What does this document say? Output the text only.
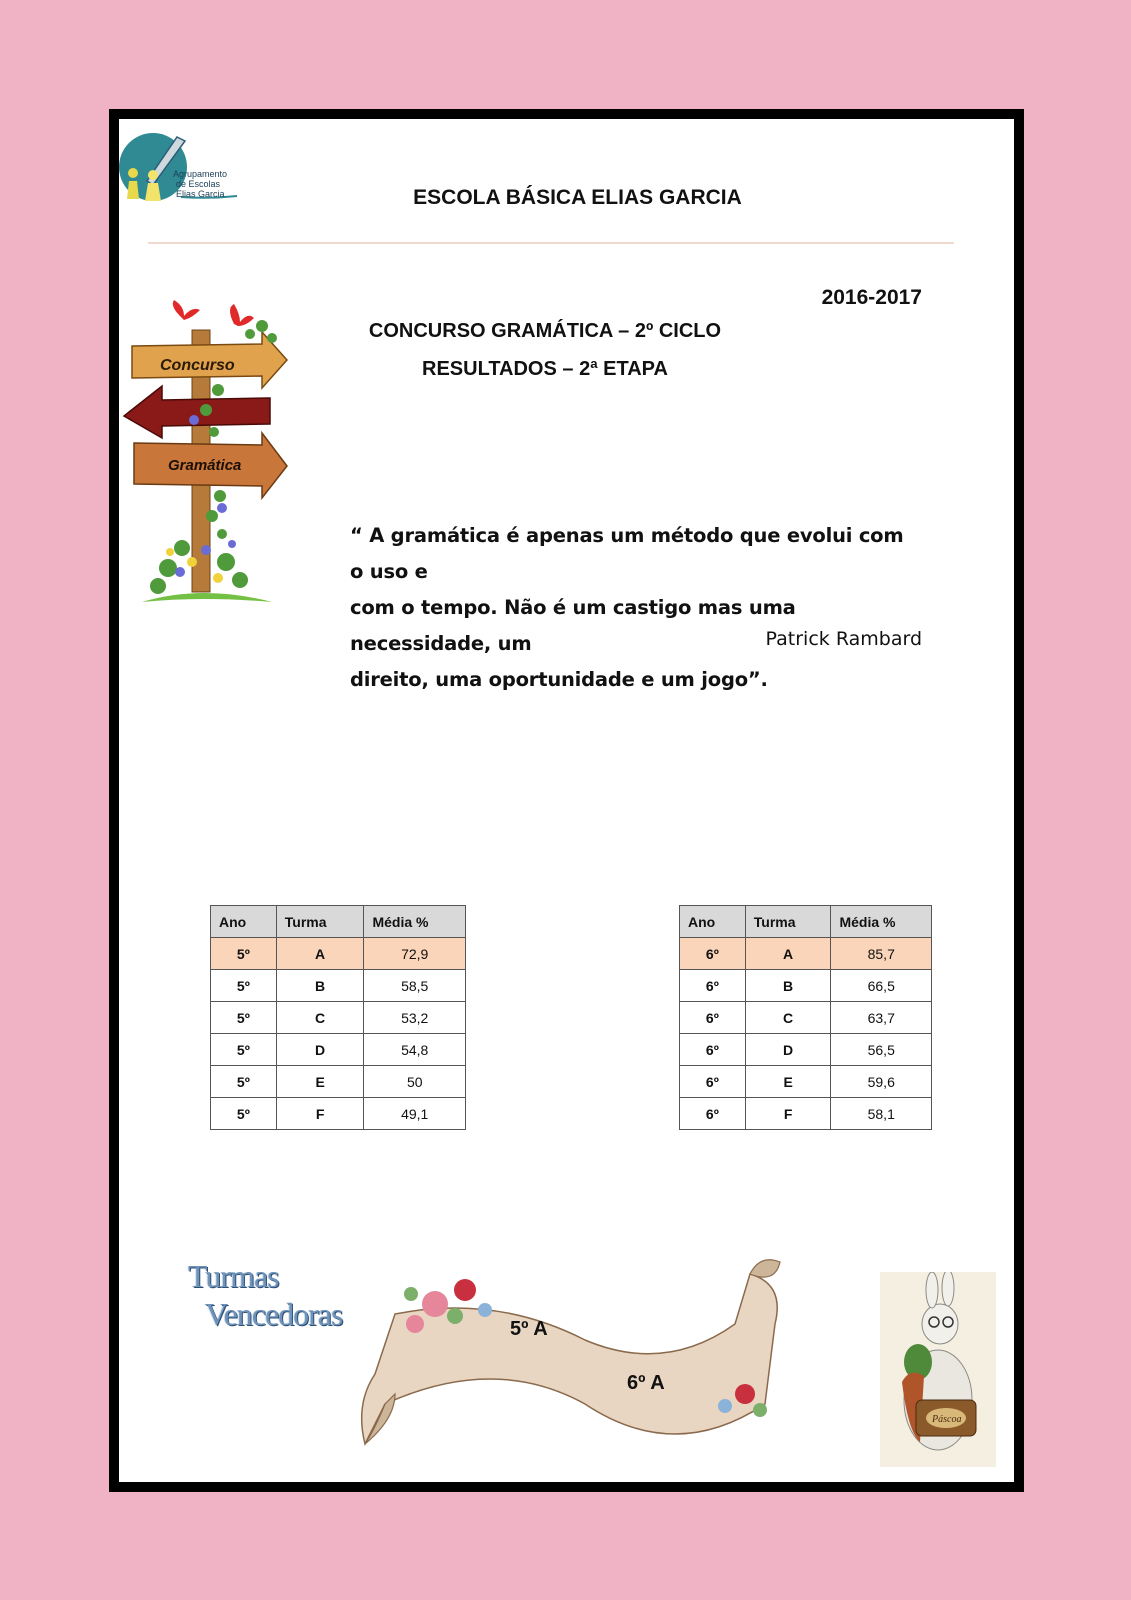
Agrupamento
de Escolas
Elias Garcia	ESCOLA BÁSICA ELIAS GARCIA
2016-2017
CONCURSO GRAMÁTICA – 2º CICLO
RESULTADOS – 2ª ETAPA
Concurso
Gramática
“ A gramática é apenas um método que evolui com o uso e
com o tempo. Não é um castigo mas uma necessidade, um
direito, uma oportunidade e um jogo”.
Patrick Rambard
Ano	Turma	Média %
5º	A	72,9
5º	B	58,5
5º	C	53,2
5º	D	54,8
5º	E	50
5º	F	49,1
Ano	Turma	Média %
6º	A	85,7
6º	B	66,5
6º	C	63,7
6º	D	56,5
6º	E	59,6
6º	F	58,1
Turmas
Vencedoras	5º A
6º A
Páscoa
